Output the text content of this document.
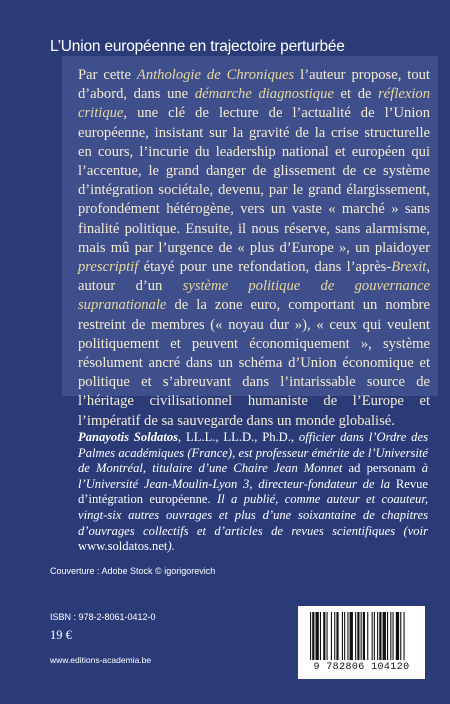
L’Union européenne en trajectoire perturbée
Par cette Anthologie de Chroniques l’auteur propose, tout d’abord, dans une démarche diagnostique et de réflexion critique, une clé de lecture de l’actualité de l’Union européenne, insistant sur la gravité de la crise structurelle en cours, l’incurie du leadership national et européen qui l’accentue, le grand danger de glissement de ce système d’intégration sociétale, devenu, par le grand élargissement, profondément hétérogène, vers un vaste « marché » sans finalité politique. Ensuite, il nous réserve, sans alarmisme, mais mû par l’urgence de « plus d’Europe », un plaidoyer prescriptif étayé pour une refondation, dans l’après-Brexit, autour d’un système politique de gouvernance supranationale de la zone euro, comportant un nombre restreint de membres (« noyau dur »), « ceux qui veulent politiquement et peuvent économiquement », système résolument ancré dans un schéma d’Union économique et politique et s’abreuvant dans l’intarissable source de l’héritage civilisationnel humaniste de l’Europe et l’impératif de sa sauvegarde dans un monde globalisé.
Panayotis Soldatos, LL.L., LL.D., Ph.D., officier dans l’Ordre des Palmes académiques (France), est professeur émérite de l’Université de Montréal, titulaire d’une Chaire Jean Monnet ad personam à l’Université Jean-Moulin-Lyon 3, directeur-fondateur de la Revue d’intégration européenne. Il a publié, comme auteur et coauteur, vingt-six autres ouvrages et plus d’une soixantaine de chapitres d’ouvrages collectifs et d’articles de revues scientifiques (voir www.soldatos.net).
Couverture : Adobe Stock © igorigorevich
ISBN : 978-2-8061-0412-0
19 €
www.editions-academia.be
9 782806 104120
